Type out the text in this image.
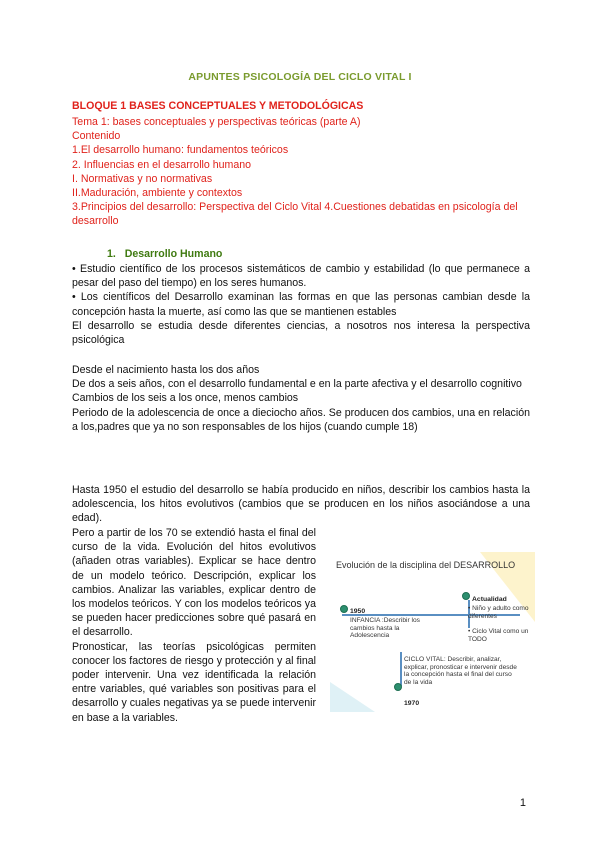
APUNTES PSICOLOGÍA DEL CICLO VITAL I
BLOQUE 1 BASES CONCEPTUALES Y METODOLÓGICAS

Tema 1: bases conceptuales y perspectivas teóricas (parte A)

Contenido

1.El desarrollo humano: fundamentos teóricos

2. Influencias en el desarrollo humano

I. Normativas y no normativas

II.Maduración, ambiente y contextos

3.Principios del desarrollo: Perspectiva del Ciclo Vital 4.Cuestiones debatidas en psicología del desarrollo

1. Desarrollo Humano

• Estudio científico de los procesos sistemáticos de cambio y estabilidad (lo que permanece a pesar del paso del tiempo) en los seres humanos.

• Los científicos del Desarrollo examinan las formas en que las personas cambian desde la concepción hasta la muerte, así como las que se mantienen estables

El desarrollo se estudia desde diferentes ciencias, a nosotros nos interesa la perspectiva psicológica

Desde el nacimiento hasta los dos años

De dos a seis años, con el desarrollo fundamental e en la parte afectiva y el desarrollo cognitivo

Cambios de los seis a los once, menos cambios

Periodo de la adolescencia de once a dieciocho años. Se producen dos cambios, una en relación a los,padres que ya no son responsables de los hijos (cuando cumple 18)

Hasta 1950 el estudio del desarrollo se había producido en niños, describir los cambios hasta la adolescencia, los hitos evolutivos (cambios que se producen en los niños asociándose a una edad).

Pero a partir de los 70 se extendió hasta el final del curso de la vida. Evolución del hitos evolutivos (añaden otras variables). Explicar se hace dentro de un modelo teórico. Descripción, explicar los cambios. Analizar las variables, explicar dentro de los modelos teóricos. Y con los modelos teóricos ya se pueden hacer predicciones sobre qué pasará en el desarrollo.

Pronosticar, las teorías psicológicas permiten conocer los factores de riesgo y protección y al final poder intervenir. Una vez identificada la relación entre variables, qué variables son positivas para el desarrollo y cuales negativas ya se puede intervenir en base a la variables.

Evolución de la disciplina del DESARROLLO
1950
INFANCIA :Describir los cambios hasta la Adolescencia
Actualidad
• Niño y adulto como diferentes
• Ciclo Vital como un TODO
CICLO VITAL: Describir, analizar, explicar, pronosticar e intervenir desde la concepción hasta el final del curso de la vida
1970
1
